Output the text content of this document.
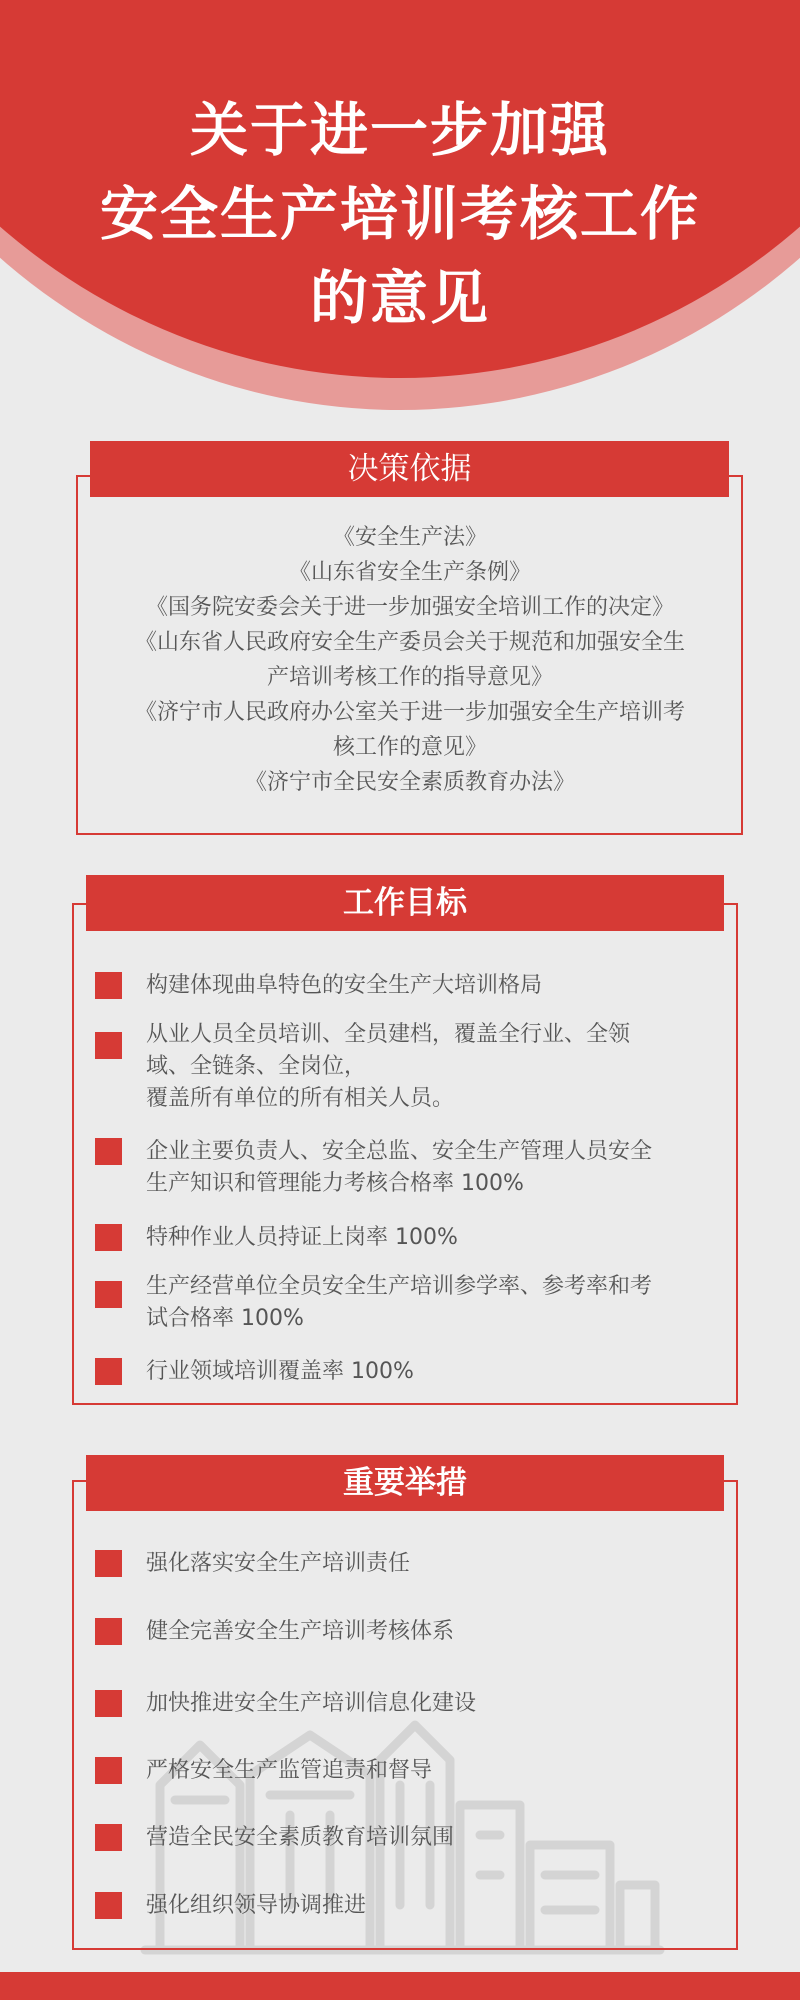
关于进一步加强
安全生产培训考核工作
的意见
决策依据
《安全生产法》
《山东省安全生产条例》
《国务院安委会关于进一步加强安全培训工作的决定》
《山东省人民政府安全生产委员会关于规范和加强安全生
产培训考核工作的指导意见》
《济宁市人民政府办公室关于进一步加强安全生产培训考
核工作的意见》
《济宁市全民安全素质教育办法》
工作目标
构建体现曲阜特色的安全生产大培训格局
从业人员全员培训、全员建档，覆盖全行业、全领
域、全链条、全岗位，
覆盖所有单位的所有相关人员。
企业主要负责人、安全总监、安全生产管理人员安全
生产知识和管理能力考核合格率 100%
特种作业人员持证上岗率 100%
生产经营单位全员安全生产培训参学率、参考率和考
试合格率 100%
行业领域培训覆盖率 100%
重要举措
强化落实安全生产培训责任
健全完善安全生产培训考核体系
加快推进安全生产培训信息化建设
严格安全生产监管追责和督导
营造全民安全素质教育培训氛围
强化组织领导协调推进
